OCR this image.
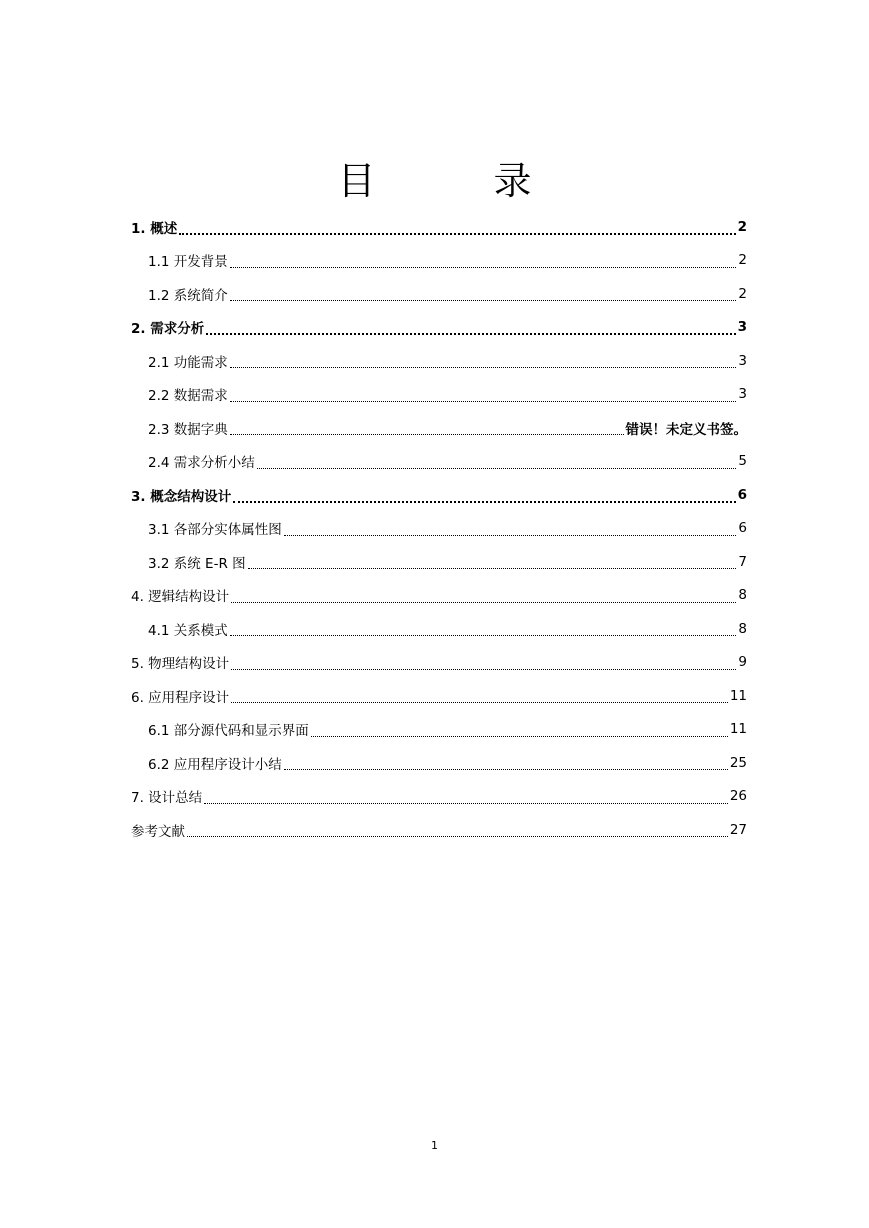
目　录
1. 概述	2
1.1 开发背景	2
1.2 系统简介	2
2. 需求分析	3
2.1 功能需求	3
2.2 数据需求	3
2.3 数据字典	错误！未定义书签。
2.4 需求分析小结	5
3. 概念结构设计	6
3.1 各部分实体属性图	6
3.2 系统 E-R 图	7
4. 逻辑结构设计	8
4.1 关系模式	8
5. 物理结构设计	9
6. 应用程序设计	11
6.1 部分源代码和显示界面	11
6.2 应用程序设计小结	25
7. 设计总结	26
参考文献	27
1
